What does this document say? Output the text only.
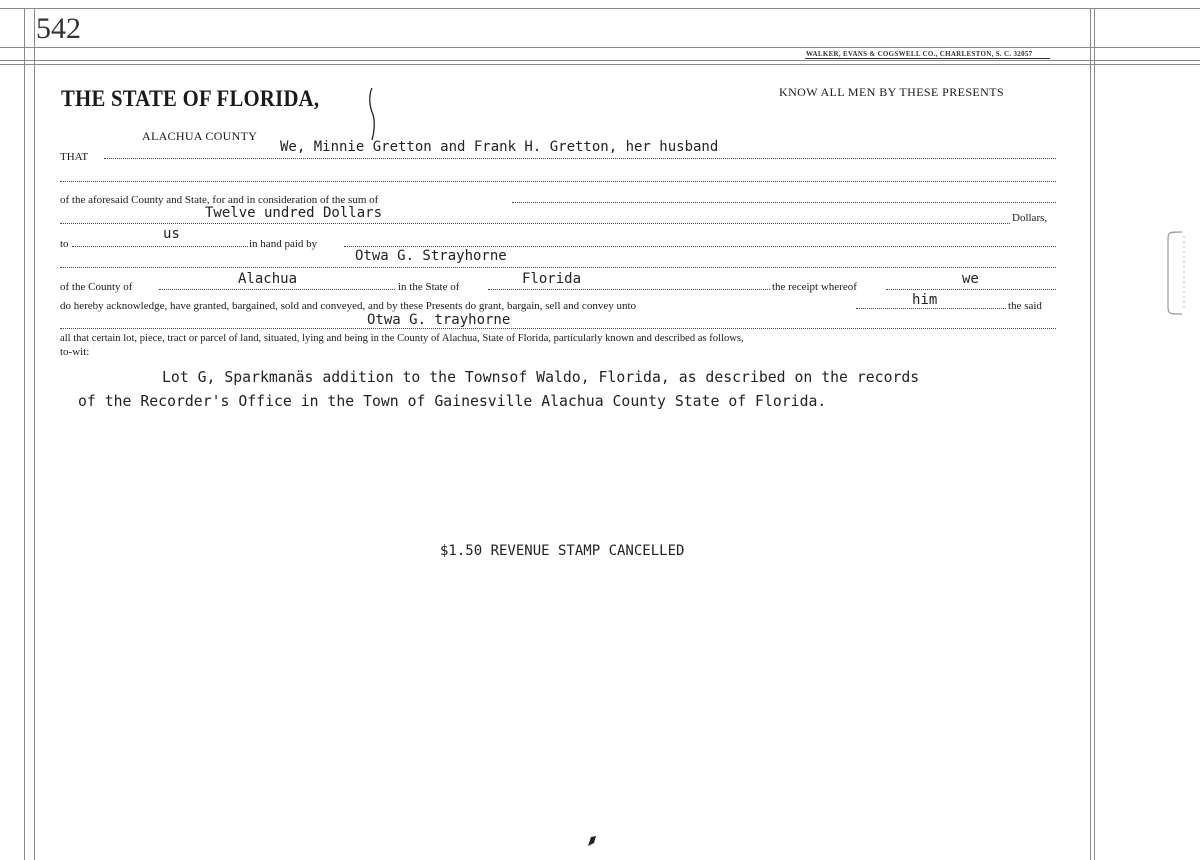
542
WALKER, EVANS & COGSWELL CO., CHARLESTON, S. C. 32057
THE STATE OF FLORIDA,	KNOW ALL MEN BY THESE PRESENTS
ALACHUA COUNTY
THAT
We, Minnie Gretton and Frank H. Gretton, her husband
of the aforesaid County and State, for and in consideration of the sum of
Twelve undred Dollars	Dollars,
us
to	in hand paid by
Otwa G. Strayhorne
Alachua	Florida	we
of the County of	in the State of	the receipt whereof
him
do hereby acknowledge, have granted, bargained, sold and conveyed, and by these Presents do grant, bargain, sell and convey unto	the said
Otwa G. trayhorne
all that certain lot, piece, tract or parcel of land, situated, lying and being in the County of Alachua, State of Florida, particularly known and described as follows,
to-wit:
Lot G, Sparkmanäs addition to the Townsof Waldo, Florida, as described on the records
of the Recorder's Office in the Town of Gainesville Alachua County State of Florida.
$1.50 REVENUE STAMP CANCELLED
